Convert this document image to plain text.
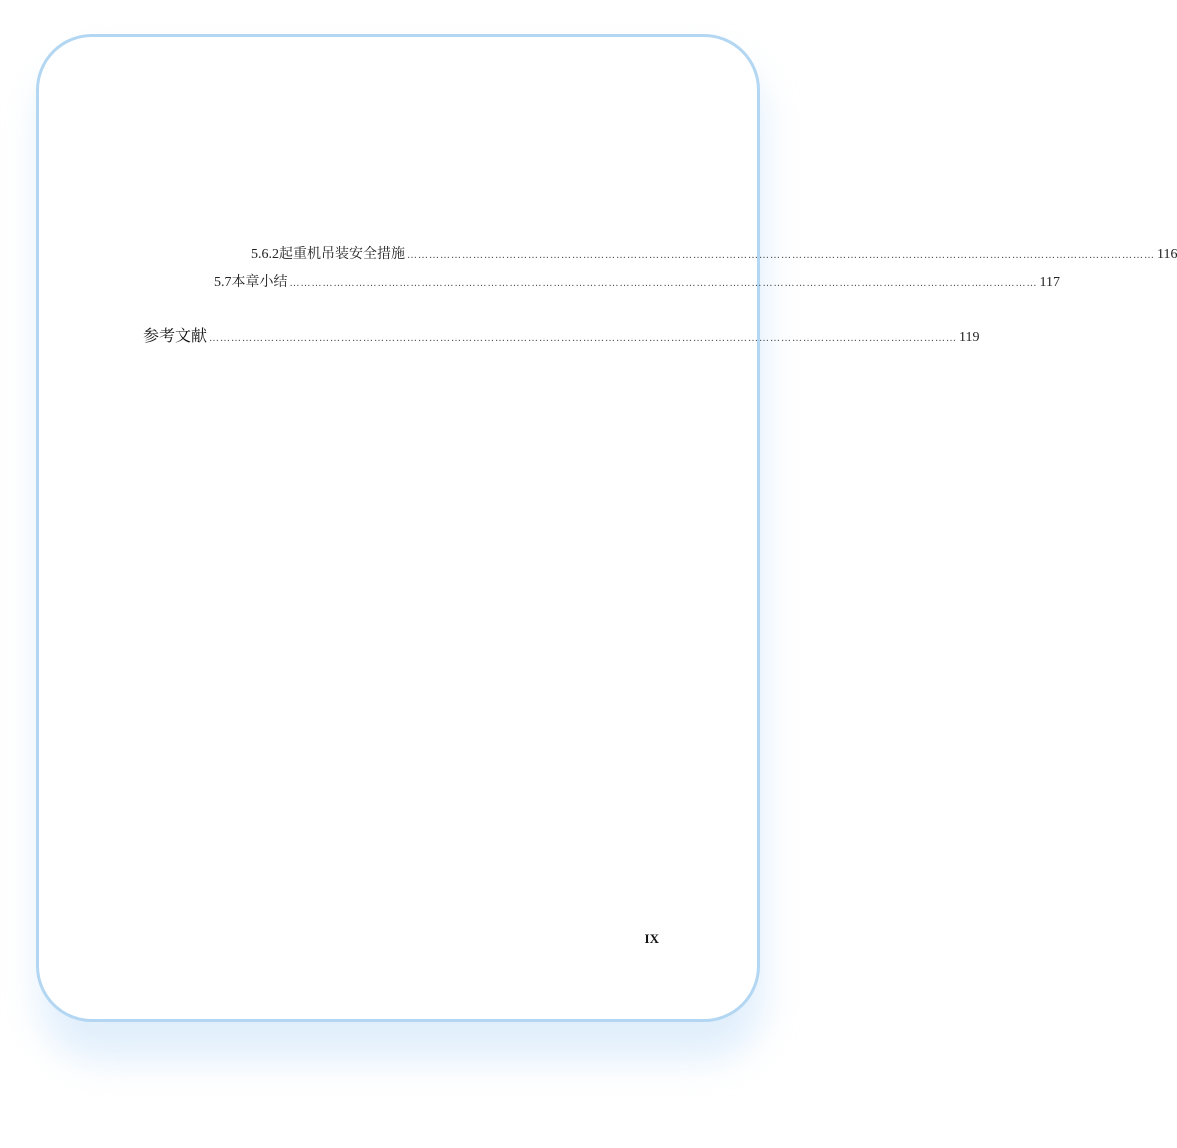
5.6.2 起重机吊装安全措施 …………………………………………………………………………………………………………………………………………………………………………………… 116
5.7 本章小结 …………………………………………………………………………………………………………………………………………………………………………………… 117
参考文献 …………………………………………………………………………………………………………………………………………………………………………………… 119
IX
